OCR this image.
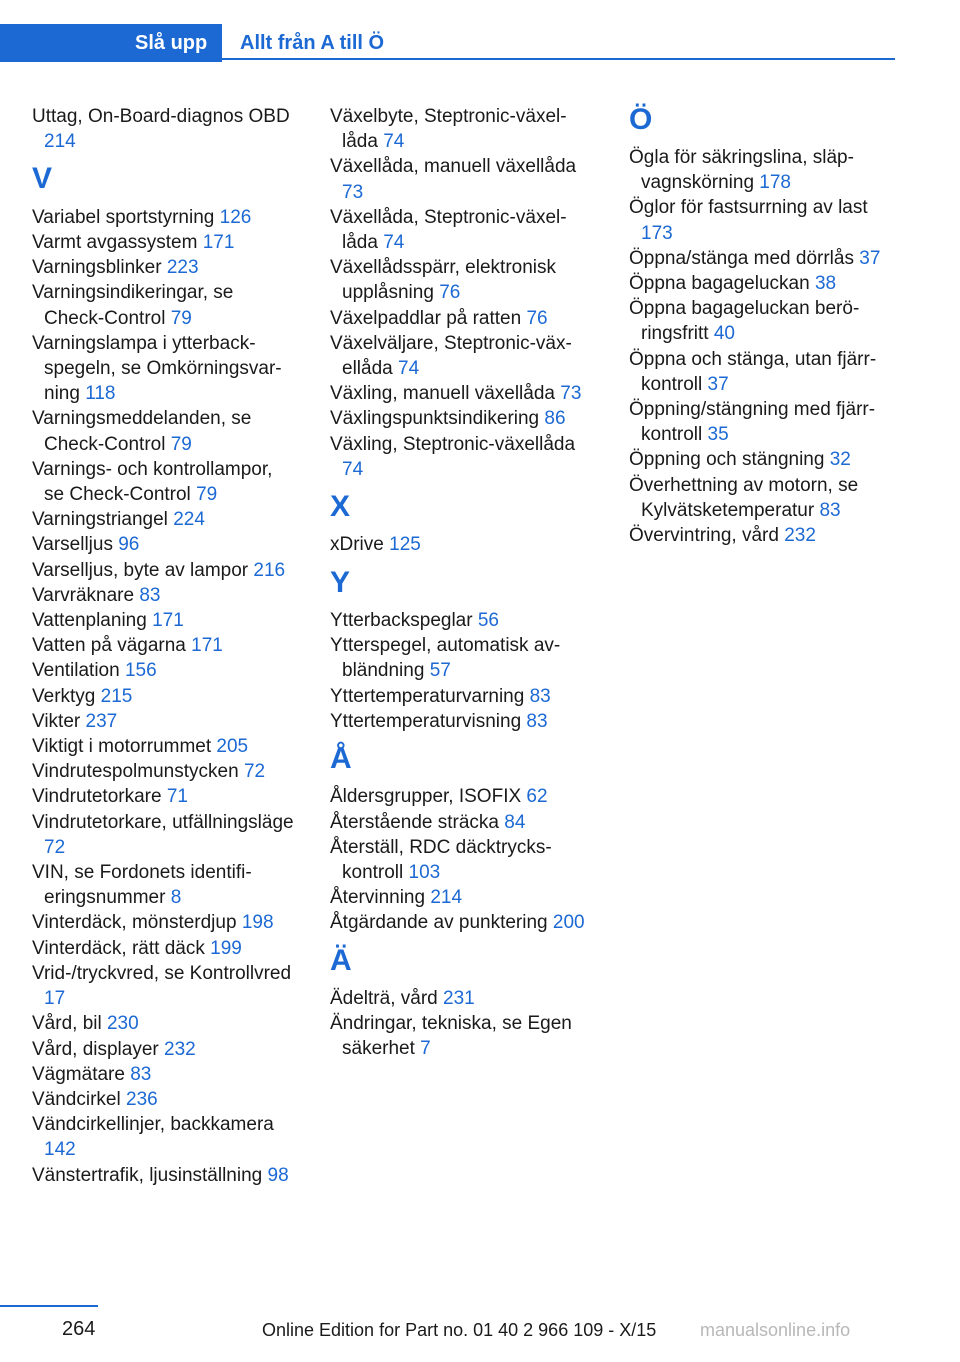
Slå upp	Allt från A till Ö
Uttag, On-Board-diagnos OBD 214
V
Variabel sportstyrning 126
Varmt avgassystem 171
Varningsblinker 223
Varningsindikeringar, se Check-Control 79
Varningslampa i ytterbackspegeln, se Omkörningsvarning 118
Varningsmeddelanden, se Check-Control 79
Varnings- och kontrollampor, se Check-Control 79
Varningstriangel 224
Varselljus 96
Varselljus, byte av lampor 216
Varvräknare 83
Vattenplaning 171
Vatten på vägarna 171
Ventilation 156
Verktyg 215
Vikter 237
Viktigt i motorrummet 205
Vindrutespolmunstycken 72
Vindrutetorkare 71
Vindrutetorkare, utfällningsläge 72
VIN, se Fordonets identifieringsnummer 8
Vinterdäck, mönsterdjup 198
Vinterdäck, rätt däck 199
Vrid-/tryckvred, se Kontrollvred 17
Vård, bil 230
Vård, displayer 232
Vägmätare 83
Vändcirkel 236
Vändcirkellinjer, backkamera 142
Vänstertrafik, ljusinställning 98
Växelbyte, Steptronic-växellåda 74
Växellåda, manuell växellåda 73
Växellåda, Steptronic-växellåda 74
Växellådsspärr, elektronisk upplåsning 76
Växelpaddlar på ratten 76
Växelväljare, Steptronic-växellåda 74
Växling, manuell växellåda 73
Växlingspunktsindikering 86
Växling, Steptronic-växellåda 74
X
xDrive 125
Y
Ytterbackspeglar 56
Ytterspegel, automatisk avbländning 57
Yttertemperaturvarning 83
Yttertemperaturvisning 83
Å
Åldersgrupper, ISOFIX 62
Återstående sträcka 84
Återställ, RDC däcktryckskontroll 103
Återvinning 214
Åtgärdande av punktering 200
Ä
Ädelträ, vård 231
Ändringar, tekniska, se Egen säkerhet 7
Ö
Ögla för säkringslina, släpvagnskörning 178
Öglor för fastsurrning av last 173
Öppna/stänga med dörrlås 37
Öppna bagageluckan 38
Öppna bagageluckan beröringsfritt 40
Öppna och stänga, utan fjärrkontroll 37
Öppning/stängning med fjärrkontroll 35
Öppning och stängning 32
Överhettning av motorn, se Kylvätsketemperatur 83
Övervintring, vård 232
264	Online Edition for Part no. 01 40 2 966 109 - X/15 manualsonline.info
